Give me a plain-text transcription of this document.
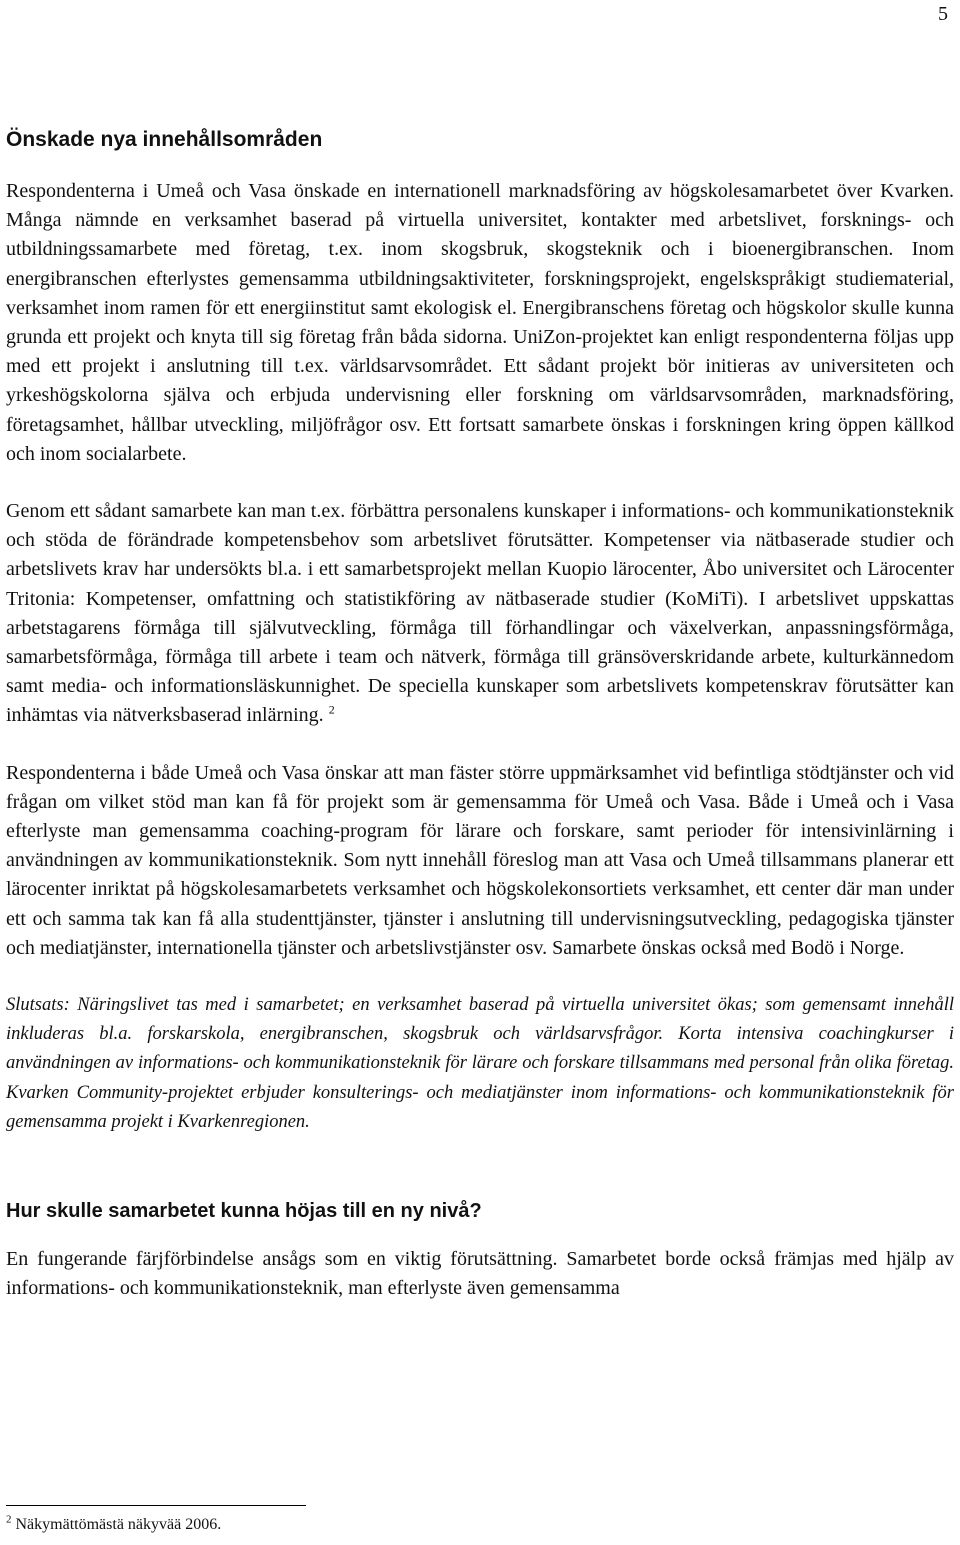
5
Önskade nya innehållsområden

Respondenterna i Umeå och Vasa önskade en internationell marknadsföring av högskolesamarbetet över Kvarken. Många nämnde en verksamhet baserad på virtuella universitet, kontakter med arbetslivet, forsknings- och utbildningssamarbete med företag, t.ex. inom skogsbruk, skogsteknik och i bioenergibranschen. Inom energibranschen efterlystes gemensamma utbildningsaktiviteter, forskningsprojekt, engelskspråkigt studiematerial, verksamhet inom ramen för ett energiinstitut samt ekologisk el. Energibranschens företag och högskolor skulle kunna grunda ett projekt och knyta till sig företag från båda sidorna. UniZon-projektet kan enligt respondenterna följas upp med ett projekt i anslutning till t.ex. världsarvsområdet. Ett sådant projekt bör initieras av universiteten och yrkeshögskolorna själva och erbjuda undervisning eller forskning om världsarvsområden, marknadsföring, företagsamhet, hållbar utveckling, miljöfrågor osv. Ett fortsatt samarbete önskas i forskningen kring öppen källkod och inom socialarbete.

Genom ett sådant samarbete kan man t.ex. förbättra personalens kunskaper i informations- och kommunikationsteknik och stöda de förändrade kompetensbehov som arbetslivet förutsätter. Kompetenser via nätbaserade studier och arbetslivets krav har undersökts bl.a. i ett samarbetsprojekt mellan Kuopio lärocenter, Åbo universitet och Lärocenter Tritonia: Kompetenser, omfattning och statistikföring av nätbaserade studier (KoMiTi). I arbetslivet uppskattas arbetstagarens förmåga till självutveckling, förmåga till förhandlingar och växelverkan, anpassningsförmåga, samarbetsförmåga, förmåga till arbete i team och nätverk, förmåga till gränsöverskridande arbete, kulturkännedom samt media- och informationsläskunnighet. De speciella kunskaper som arbetslivets kompetenskrav förutsätter kan inhämtas via nätverksbaserad inlärning. $^2$

Respondenterna i både Umeå och Vasa önskar att man fäster större uppmärksamhet vid befintliga stödtjänster och vid frågan om vilket stöd man kan få för projekt som är gemensamma för Umeå och Vasa. Både i Umeå och i Vasa efterlyste man gemensamma coaching-program för lärare och forskare, samt perioder för intensivinlärning i användningen av kommunikationsteknik. Som nytt innehåll föreslog man att Vasa och Umeå tillsammans planerar ett lärocenter inriktat på högskolesamarbetets verksamhet och högskolekonsortiets verksamhet, ett center där man under ett och samma tak kan få alla studenttjänster, tjänster i anslutning till undervisningsutveckling, pedagogiska tjänster och mediatjänster, internationella tjänster och arbetslivstjänster osv. Samarbete önskas också med Bodö i Norge.

Slutsats: Näringslivet tas med i samarbetet; en verksamhet baserad på virtuella universitet ökas; som gemensamt innehåll inkluderas bl.a. forskarskola, energibranschen, skogsbruk och världsarvsfrågor. Korta intensiva coachingkurser i användningen av informations- och kommunikationsteknik för lärare och forskare tillsammans med personal från olika företag. Kvarken Community-projektet erbjuder konsulterings- och mediatjänster inom informations- och kommunikationsteknik för gemensamma projekt i Kvarkenregionen.

Hur skulle samarbetet kunna höjas till en ny nivå?

En fungerande färjförbindelse ansågs som en viktig förutsättning. Samarbetet borde också främjas med hjälp av informations- och kommunikationsteknik, man efterlyste även gemensamma

$^2$ Näkymättömästä näkyvää 2006.
